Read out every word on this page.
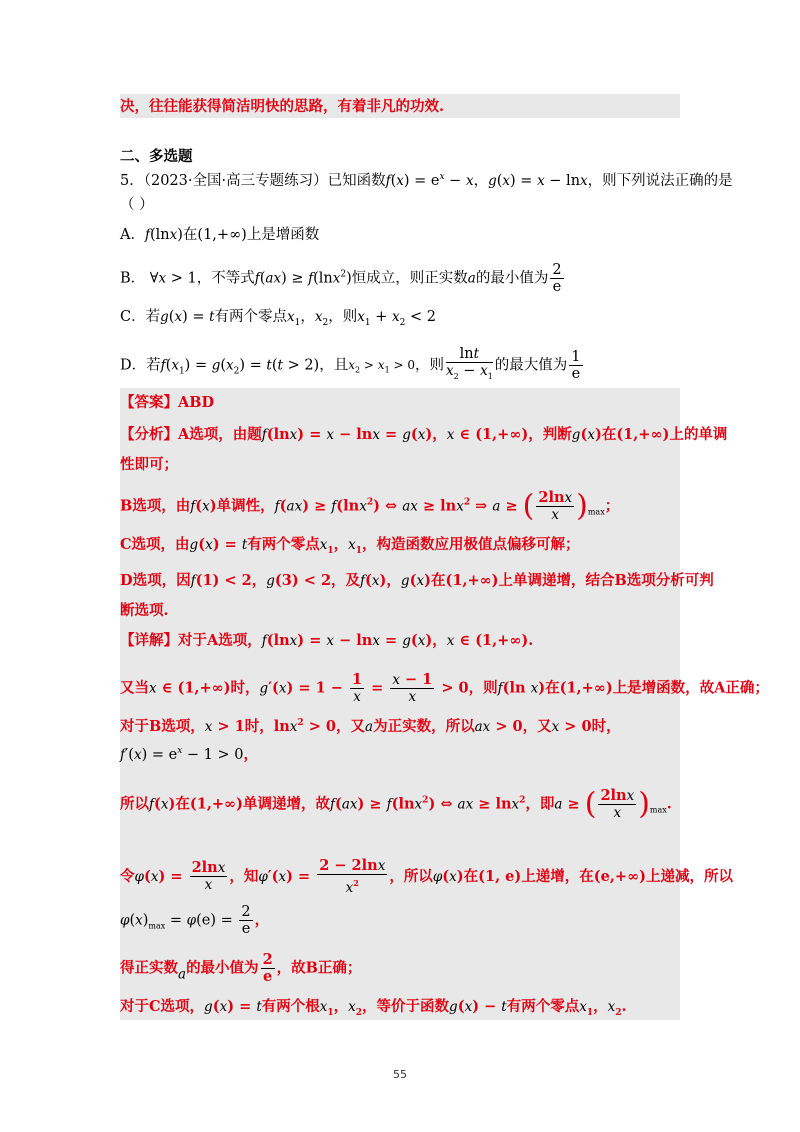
决，往往能获得简洁明快的思路，有着非凡的功效.
二、多选题
5．（2023·全国·高三专题练习）已知函数$f(x) = e^x - x$，g(x) = x − lnx，则下列说法正确的是
（ ）
A．f(lnx)在(1,+∞)上是增函数
B． ∀x > 1，不等式f(ax) ≥ f(lnx$^2$)恒成立，则正实数a的最小值为 $\frac{2}{e}$
C．若g(x) = t有两个零点$x_1$，$x_2$，则$x_1 + x_2 < 2$
D．若$f(x_1) = g(x_2) = t(t > 2)$，且$x_2 > x_1 > 0$，则 $\frac{\ln t}{x_2 - x_1}$ 的最大值为 $\frac{1}{e}$
【答案】ABD
【分析】A选项，由题f(lnx) = x − lnx = g(x)，x ∈ (1,+∞)，判断g(x)在(1,+∞)上的单调
性即可；
B选项，由f(x)单调性，f(ax) ≥ f(lnx$^2$) ⇔ ax ≥ lnx$^2$ ⇒ a ≥ ( $\frac{2\ln x}{x} )_{max}$；
C选项，由g(x) = t有两个零点$x_1$，$x_1$，构造函数应用极值点偏移可解；
D选项，因f(1) < 2，g(3) < 2，及f(x)，g(x)在(1,+∞)上单调递增，结合B选项分析可判
断选项.
【详解】对于A选项，f(lnx) = x − lnx = g(x)，x ∈ (1,+∞).
又当x ∈ (1,+∞)时，$g'(x) = 1 - \frac{1}{x} = \frac{x - 1}{x} > 0$，则f(ln x)在(1,+∞)上是增函数，故A正确；
对于B选项，x > 1时，lnx$^2$ > 0，又a为正实数，所以ax > 0，又x > 0时，
$f'(x) = e^x - 1 > 0$，
所以f(x)在(1,+∞)单调递增，故f(ax) ≥ f(lnx$^2$) ⇔ ax ≥ lnx$^2$，即a ≥ ( $\frac{2\ln x}{x} )_{max}$.
令$\varphi(x) = \frac{2\ln x}{x}$ ，知$\varphi'(x) = \frac{2 - 2\ln x}{x^2}$ ，所以φ(x)在(1, e)上递增，在(e,+∞)上递减，所以
$\varphi(x)_{max} = \varphi(e) = \frac{2}{e}$ ，
得正实数a的最小值为 $\frac{2}{e}$ ，故B正确；
对于C选项，g(x) = t有两个根$x_1$，$x_2$，等价于函数g(x) − t有两个零点$x_1$，$x_2$.
55
